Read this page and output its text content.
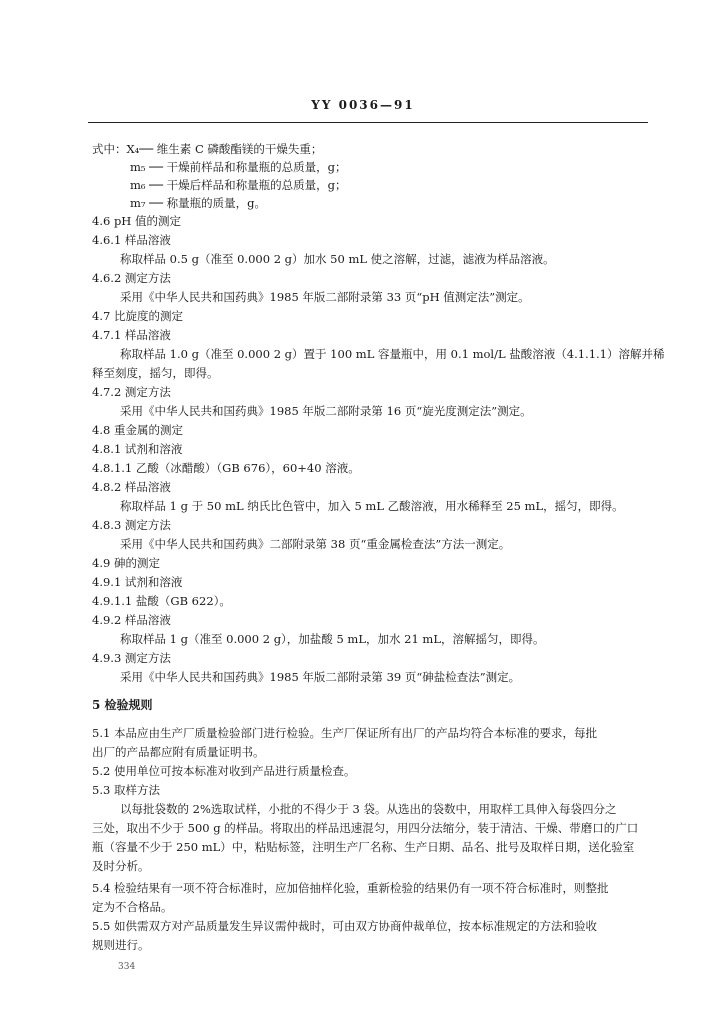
YY 0036—91
式中：X₄── 维生素 C 磷酸酯镁的干燥失重；
m₅ ── 干燥前样品和称量瓶的总质量，g；
m₆ ── 干燥后样品和称量瓶的总质量，g；
m₇ ── 称量瓶的质量，g。
4.6 pH 值的测定
4.6.1 样品溶液
称取样品 0.5 g（准至 0.000 2 g）加水 50 mL 使之溶解，过滤，滤液为样品溶液。
4.6.2 测定方法
采用《中华人民共和国药典》1985 年版二部附录第 33 页“pH 值测定法”测定。
4.7 比旋度的测定
4.7.1 样品溶液
称取样品 1.0 g（准至 0.000 2 g）置于 100 mL 容量瓶中，用 0.1 mol/L 盐酸溶液（4.1.1.1）溶解并稀
释至刻度，摇匀，即得。
4.7.2 测定方法
采用《中华人民共和国药典》1985 年版二部附录第 16 页“旋光度测定法”测定。
4.8 重金属的测定
4.8.1 试剂和溶液
4.8.1.1 乙酸（冰醋酸）（GB 676），60+40 溶液。
4.8.2 样品溶液
称取样品 1 g 于 50 mL 纳氏比色管中，加入 5 mL 乙酸溶液，用水稀释至 25 mL，摇匀，即得。
4.8.3 测定方法
采用《中华人民共和国药典》二部附录第 38 页“重金属检查法”方法一测定。
4.9 砷的测定
4.9.1 试剂和溶液
4.9.1.1 盐酸（GB 622）。
4.9.2 样品溶液
称取样品 1 g（准至 0.000 2 g），加盐酸 5 mL，加水 21 mL，溶解摇匀，即得。
4.9.3 测定方法
采用《中华人民共和国药典》1985 年版二部附录第 39 页“砷盐检查法”测定。
5 检验规则
5.1 本品应由生产厂质量检验部门进行检验。生产厂保证所有出厂的产品均符合本标准的要求，每批
出厂的产品都应附有质量证明书。
5.2 使用单位可按本标准对收到产品进行质量检查。
5.3 取样方法
以每批袋数的 2%选取试样，小批的不得少于 3 袋。从选出的袋数中，用取样工具伸入每袋四分之
三处，取出不少于 500 g 的样品。将取出的样品迅速混匀，用四分法缩分，装于清洁、干燥、带磨口的广口
瓶（容量不少于 250 mL）中，粘贴标签，注明生产厂名称、生产日期、品名、批号及取样日期，送化验室
及时分析。
5.4 检验结果有一项不符合标准时，应加倍抽样化验，重新检验的结果仍有一项不符合标准时，则整批
定为不合格品。
5.5 如供需双方对产品质量发生异议需仲裁时，可由双方协商仲裁单位，按本标准规定的方法和验收
规则进行。
334
